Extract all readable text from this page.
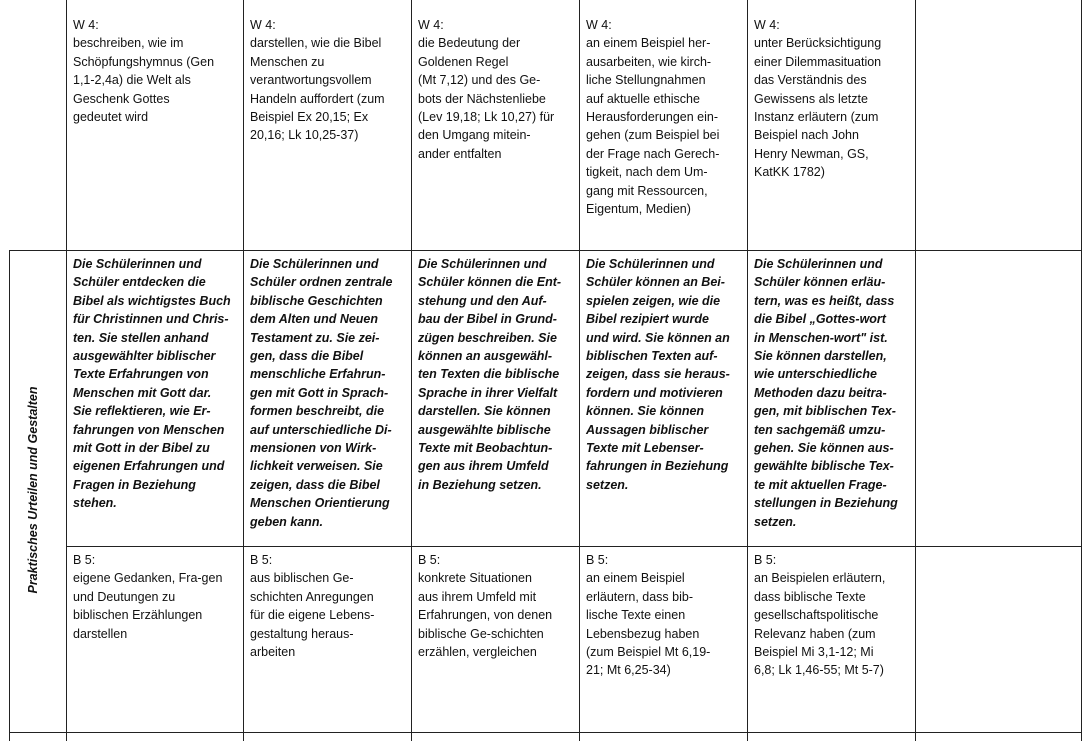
W 4:
beschreiben, wie im
Schöpfungshymnus (Gen
1,1-2,4a) die Welt als
Geschenk Gottes
gedeutet wird
W 4:
darstellen, wie die Bibel
Menschen zu
verantwortungsvollem
Handeln auffordert (zum
Beispiel Ex 20,15; Ex
20,16; Lk 10,25-37)
W 4:
die Bedeutung der
Goldenen Regel
(Mt 7,12) und des Ge-
bots der Nächstenliebe
(Lev 19,18; Lk 10,27) für
den Umgang mitein-
ander entfalten
W 4:
an einem Beispiel her-
ausarbeiten, wie kirch-
liche Stellungnahmen
auf aktuelle ethische
Herausforderungen ein-
gehen (zum Beispiel bei
der Frage nach Gerech-
tigkeit, nach dem Um-
gang mit Ressourcen,
Eigentum, Medien)
W 4:
unter Berücksichtigung
einer Dilemmasituation
das Verständnis des
Gewissens als letzte
Instanz erläutern (zum
Beispiel nach John
Henry Newman, GS,
KatKK 1782)
Die Schülerinnen und
Schüler entdecken die
Bibel als wichtigstes Buch
für Christinnen und Chris-
ten. Sie stellen anhand
ausgewählter biblischer
Texte Erfahrungen von
Menschen mit Gott dar.
Sie reflektieren, wie Er-
fahrungen von Menschen
mit Gott in der Bibel zu
eigenen Erfahrungen und
Fragen in Beziehung
stehen.
Die Schülerinnen und
Schüler ordnen zentrale
biblische Geschichten
dem Alten und Neuen
Testament zu. Sie zei-
gen, dass die Bibel
menschliche Erfahrun-
gen mit Gott in Sprach-
formen beschreibt, die
auf unterschiedliche Di-
mensionen von Wirk-
lichkeit verweisen. Sie
zeigen, dass die Bibel
Menschen Orientierung
geben kann.
Die Schülerinnen und
Schüler können die Ent-
stehung und den Auf-
bau der Bibel in Grund-
zügen beschreiben. Sie
können an ausgewähl-
ten Texten die biblische
Sprache in ihrer Vielfalt
darstellen. Sie können
ausgewählte biblische
Texte mit Beobachtun-
gen aus ihrem Umfeld
in Beziehung setzen.
Die Schülerinnen und
Schüler können an Bei-
spielen zeigen, wie die
Bibel rezipiert wurde
und wird. Sie können an
biblischen Texten auf-
zeigen, dass sie heraus-
fordern und motivieren
können. Sie können
Aussagen biblischer
Texte mit Lebenser-
fahrungen in Beziehung
setzen.
Die Schülerinnen und
Schüler können erläu-
tern, was es heißt, dass
die Bibel „Gottes-wort
in Menschen-wort" ist.
Sie können darstellen,
wie unterschiedliche
Methoden dazu beitra-
gen, mit biblischen Tex-
ten sachgemäß umzu-
gehen. Sie können aus-
gewählte biblische Tex-
te mit aktuellen Frage-
stellungen in Beziehung
setzen.
B 5:
eigene Gedanken, Fra-gen
und Deutungen zu
biblischen Erzählungen
darstellen
B 5:
aus biblischen Ge-
schichten Anregungen
für die eigene Lebens-
gestaltung heraus-
arbeiten
B 5:
konkrete Situationen
aus ihrem Umfeld mit
Erfahrungen, von denen
biblische Ge-schichten
erzählen, vergleichen
B 5:
an einem Beispiel
erläutern, dass bib-
lische Texte einen
Lebensbezug haben
(zum Beispiel Mt 6,19-
21; Mt 6,25-34)
B 5:
an Beispielen erläutern,
dass biblische Texte
gesellschaftspolitische
Relevanz haben (zum
Beispiel Mi 3,1-12; Mi
6,8; Lk 1,46-55; Mt 5-7)
Praktisches Urteilen und Gestalten
